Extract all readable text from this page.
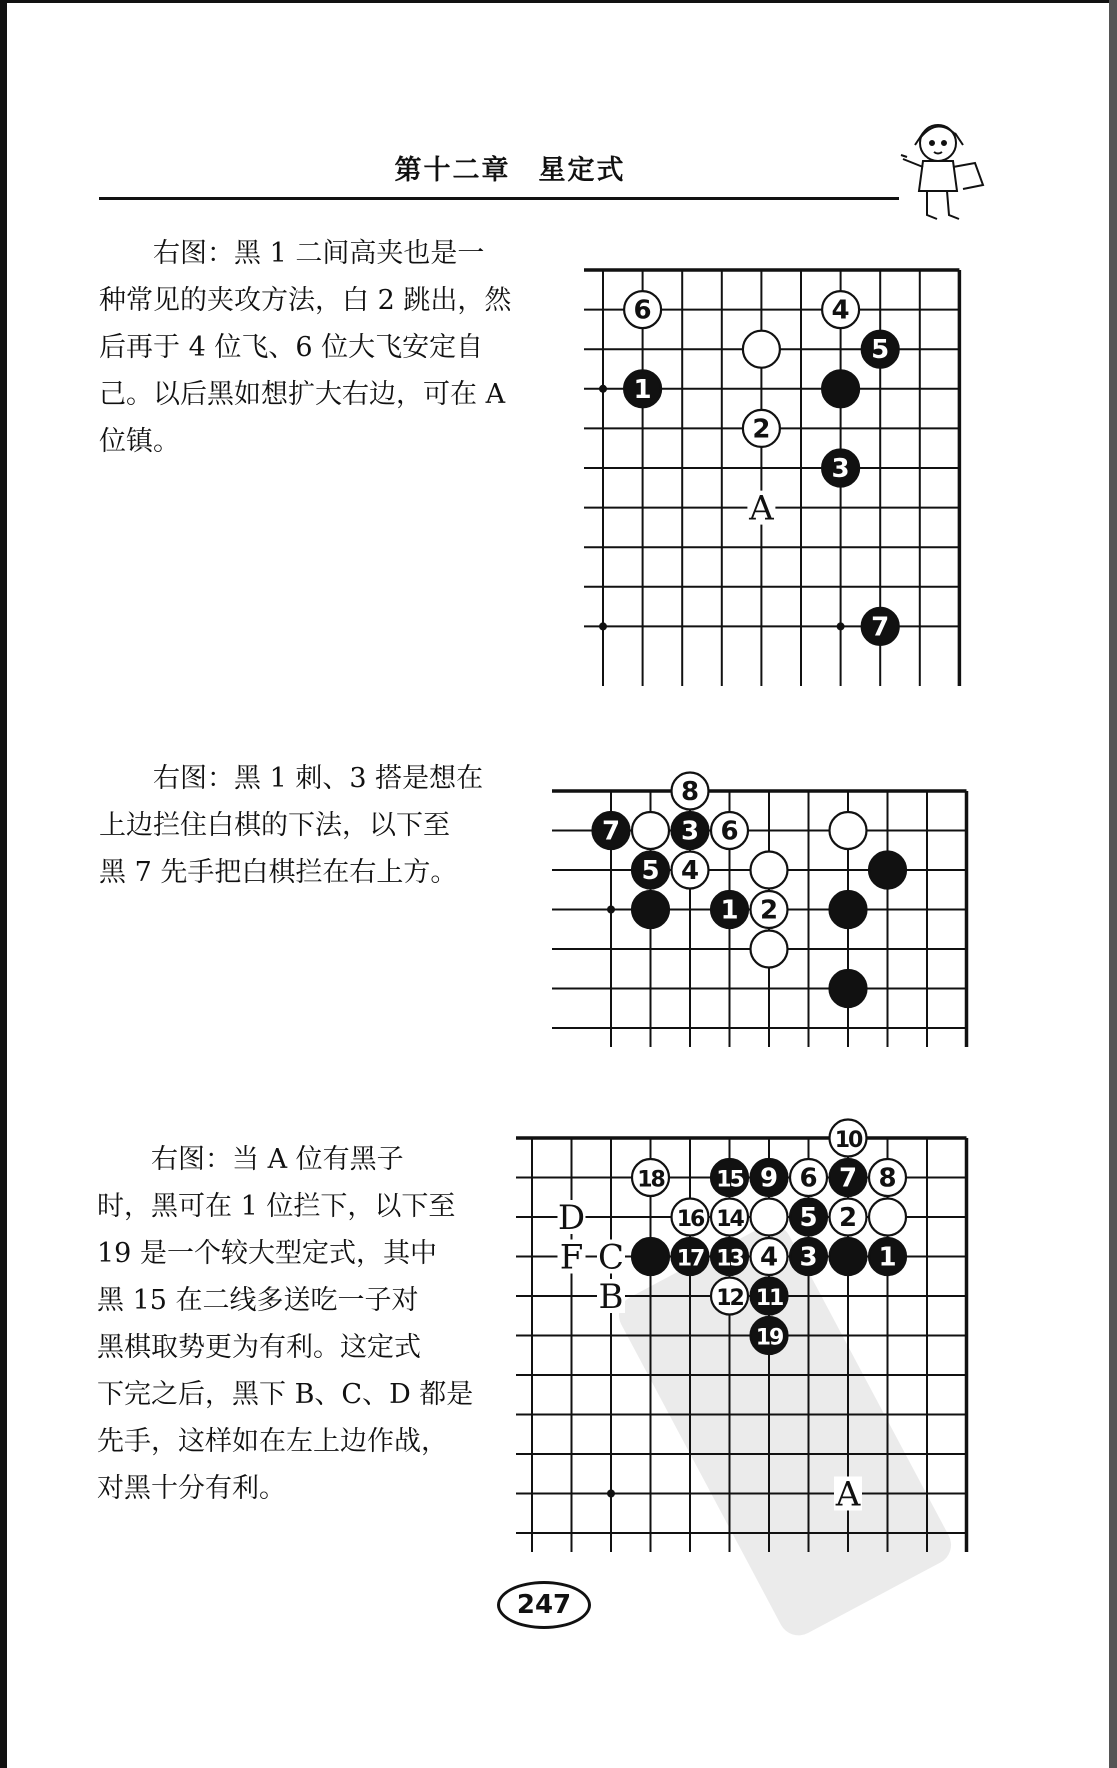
第十二章 星定式
　　右图：黑 1 二间高夹也是一
种常见的夹攻方法，白 2 跳出，然
后再于 4 位飞、6 位大飞安定自
己。以后黑如想扩大右边，可在 A
位镇。
　　右图：黑 1 刺、3 搭是想在
上边拦住白棋的下法，以下至
黑 7 先手把白棋拦在右上方。
　　右图：当 A 位有黑子
时，黑可在 1 位拦下，以下至
19 是一个较大型定式，其中
黑 15 在二线多送吃一子对
黑棋取势更为有利。这定式
下完之后，黑下 B、C、D 都是
先手，这样如在左上边作战，
对黑十分有利。
A
6	4
5
1
2
3
7
8
7 3 6
5 4
1 2
D
F C
B
A
10
18 15 9 6 7 8
16 14 5 2
17 13 4 3 1
12 11
19
247
